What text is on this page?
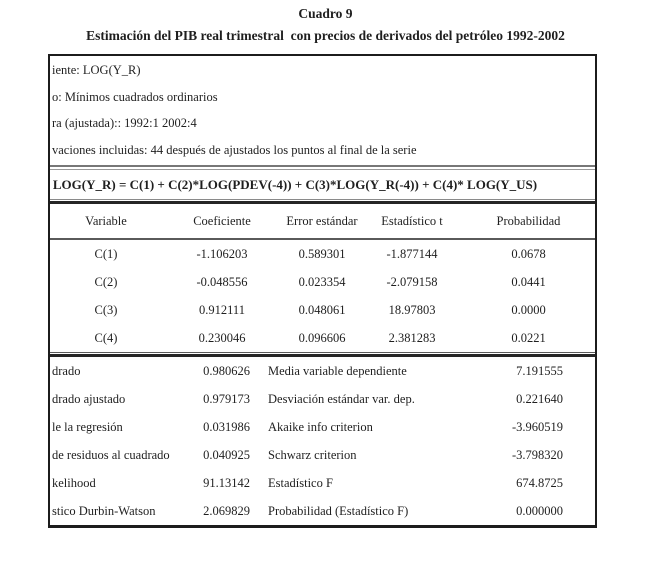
Cuadro 9
Estimación del PIB real trimestral  con precios de derivados del petróleo 1992-2002
iente: LOG(Y_R)
o: Mínimos cuadrados ordinarios
ra (ajustada):: 1992:1 2002:4
vaciones incluidas: 44 después de ajustados los puntos al final de la serie
LOG(Y_R) = C(1) + C(2)*LOG(PDEV(-4)) + C(3)*LOG(Y_R(-4)) + C(4)* LOG(Y_US)
Variable	Coeficiente	Error estándar	Estadístico t	Probabilidad
C(1)	-1.106203	0.589301	-1.877144	0.0678
C(2)	-0.048556	0.023354	-2.079158	0.0441
C(3)	0.912111	0.048061	18.97803	0.0000
C(4)	0.230046	0.096606	2.381283	0.0221
drado	0.980626 Media variable dependiente	7.191555
drado ajustado	0.979173 Desviación estándar var. dep.	0.221640
le la regresión	0.031986 Akaike info criterion	-3.960519
de residuos al cuadrado	0.040925 Schwarz criterion	-3.798320
kelihood	91.13142 Estadístico F	674.8725
stico Durbin-Watson	2.069829 Probabilidad (Estadístico F)	0.000000
